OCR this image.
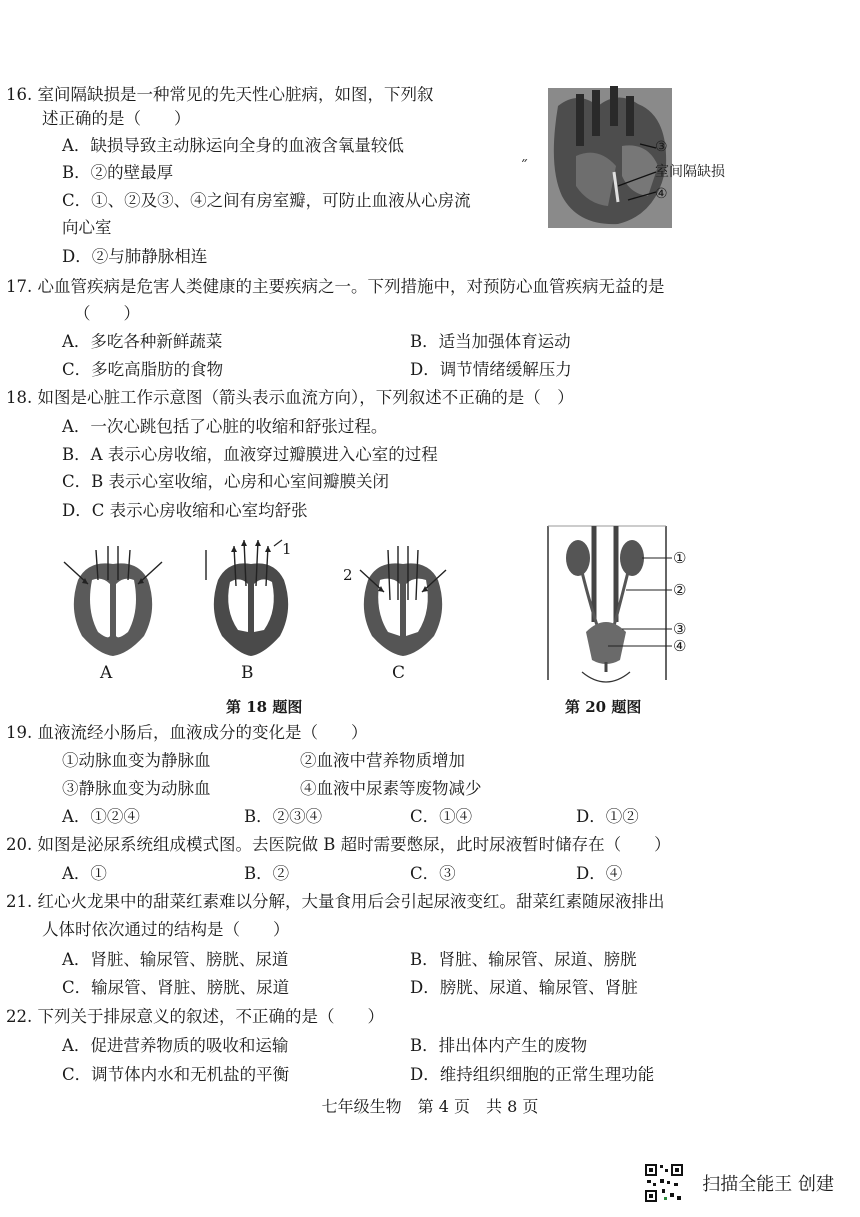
16. 室间隔缺损是一种常见的先天性心脏病，如图，下列叙
述正确的是（　　）
A．缺损导致主动脉运向全身的血液含氧量较低
B．②的壁最厚
C．①、②及③、④之间有房室瓣，可防止血液从心房流
向心室
D．②与肺静脉相连
˝
③
室间隔缺损
④
17. 心血管疾病是危害人类健康的主要疾病之一。下列措施中，对预防心血管疾病无益的是
（　　）
A．多吃各种新鲜蔬菜	B．适当加强体育运动
C．多吃高脂肪的食物	D．调节情绪缓解压力
18. 如图是心脏工作示意图（箭头表示血流方向），下列叙述不正确的是（　）
A．一次心跳包括了心脏的收缩和舒张过程。
B．A 表示心房收缩，血液穿过瓣膜进入心室的过程
C．B 表示心室收缩，心房和心室间瓣膜关闭
D．C 表示心房收缩和心室均舒张
A
1
B
2
C
第 18 题图
①
②
③
④
第 20 题图
19. 血液流经小肠后，血液成分的变化是（　　）
①动脉血变为静脉血	②血液中营养物质增加
③静脉血变为动脉血	④血液中尿素等废物减少
A．①②④	B．②③④	C．①④	D．①②
20. 如图是泌尿系统组成模式图。去医院做 B 超时需要憋尿，此时尿液暂时储存在（　　）
A．①	B．②	C．③	D．④
21. 红心火龙果中的甜菜红素难以分解，大量食用后会引起尿液变红。甜菜红素随尿液排出
人体时依次通过的结构是（　　）
A．肾脏、输尿管、膀胱、尿道	B．肾脏、输尿管、尿道、膀胱
C．输尿管、肾脏、膀胱、尿道	D．膀胱、尿道、输尿管、肾脏
22. 下列关于排尿意义的叙述，不正确的是（　　）
A．促进营养物质的吸收和运输	B．排出体内产生的废物
C．调节体内水和无机盐的平衡	D．维持组织细胞的正常生理功能
七年级生物　第 4 页　共 8 页
扫描全能王 创建
